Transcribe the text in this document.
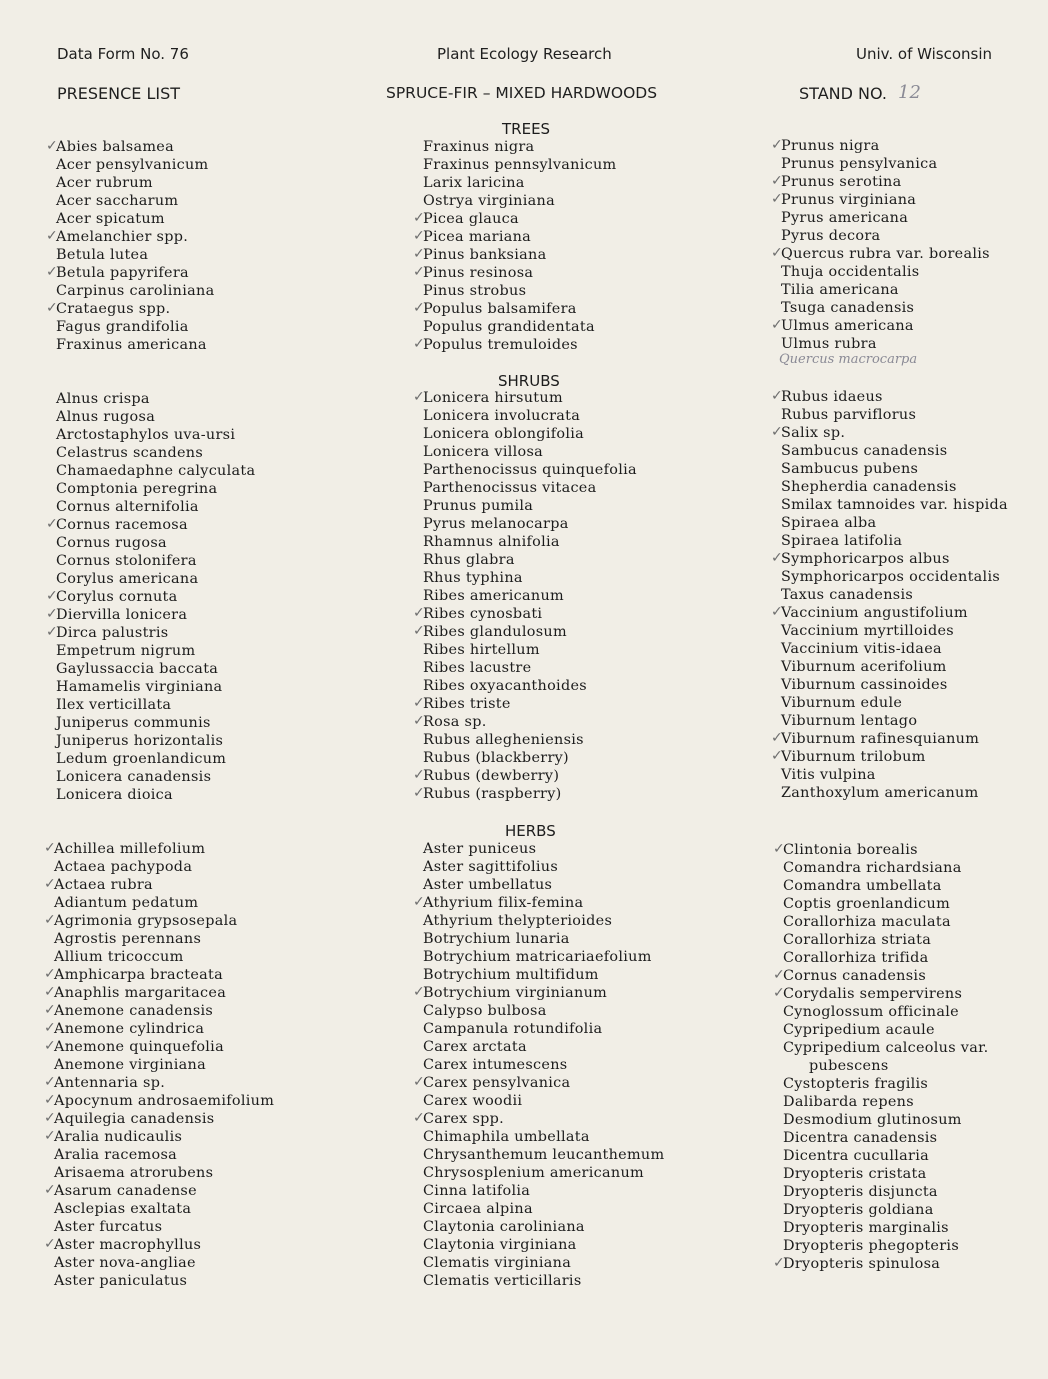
Data Form No. 76	Plant Ecology Research	Univ. of Wisconsin
PRESENCE LIST	SPRUCE-FIR – MIXED HARDWOODS	STAND NO. 12
TREES
SHRUBS
HERBS
✓
Abies balsamea
Acer pensylvanicum
Acer rubrum
Acer saccharum
Acer spicatum
✓
Amelanchier spp.
Betula lutea
✓
Betula papyrifera
Carpinus caroliniana
✓
Crataegus spp.
Fagus grandifolia
Fraxinus americana
Fraxinus nigra
Fraxinus pennsylvanicum
Larix laricina
Ostrya virginiana
✓
Picea glauca
✓
Picea mariana
✓
Pinus banksiana
✓
Pinus resinosa
Pinus strobus
✓
Populus balsamifera
Populus grandidentata
✓
Populus tremuloides
✓
Prunus nigra
Prunus pensylvanica
✓
Prunus serotina
✓
Prunus virginiana
Pyrus americana
Pyrus decora
✓
Quercus rubra var. borealis
Thuja occidentalis
Tilia americana
Tsuga canadensis
✓
Ulmus americana
Ulmus rubra
Quercus macrocarpa
Alnus crispa
Alnus rugosa
Arctostaphylos uva-ursi
Celastrus scandens
Chamaedaphne calyculata
Comptonia peregrina
Cornus alternifolia
✓
Cornus racemosa
Cornus rugosa
Cornus stolonifera
Corylus americana
✓
Corylus cornuta
✓
Diervilla lonicera
✓
Dirca palustris
Empetrum nigrum
Gaylussaccia baccata
Hamamelis virginiana
Ilex verticillata
Juniperus communis
Juniperus horizontalis
Ledum groenlandicum
Lonicera canadensis
Lonicera dioica
✓
Lonicera hirsutum
Lonicera involucrata
Lonicera oblongifolia
Lonicera villosa
Parthenocissus quinquefolia
Parthenocissus vitacea
Prunus pumila
Pyrus melanocarpa
Rhamnus alnifolia
Rhus glabra
Rhus typhina
Ribes americanum
✓
Ribes cynosbati
✓
Ribes glandulosum
Ribes hirtellum
Ribes lacustre
Ribes oxyacanthoides
✓
Ribes triste
✓
Rosa sp.
Rubus allegheniensis
Rubus (blackberry)
✓
Rubus (dewberry)
✓
Rubus (raspberry)
✓
Rubus idaeus
Rubus parviflorus
✓
Salix sp.
Sambucus canadensis
Sambucus pubens
Shepherdia canadensis
Smilax tamnoides var. hispida
Spiraea alba
Spiraea latifolia
✓
Symphoricarpos albus
Symphoricarpos occidentalis
Taxus canadensis
✓
Vaccinium angustifolium
Vaccinium myrtilloides
Vaccinium vitis-idaea
Viburnum acerifolium
Viburnum cassinoides
Viburnum edule
Viburnum lentago
✓
Viburnum rafinesquianum
✓
Viburnum trilobum
Vitis vulpina
Zanthoxylum americanum
✓
Achillea millefolium
Actaea pachypoda
✓
Actaea rubra
Adiantum pedatum
✓
Agrimonia grypsosepala
Agrostis perennans
Allium tricoccum
✓
Amphicarpa bracteata
✓
Anaphlis margaritacea
✓
Anemone canadensis
✓
Anemone cylindrica
✓
Anemone quinquefolia
Anemone virginiana
✓
Antennaria sp.
✓
Apocynum androsaemifolium
✓
Aquilegia canadensis
✓
Aralia nudicaulis
Aralia racemosa
Arisaema atrorubens
✓
Asarum canadense
Asclepias exaltata
Aster furcatus
✓
Aster macrophyllus
Aster nova-angliae
Aster paniculatus
Aster puniceus
Aster sagittifolius
Aster umbellatus
✓
Athyrium filix-femina
Athyrium thelypterioides
Botrychium lunaria
Botrychium matricariaefolium
Botrychium multifidum
✓
Botrychium virginianum
Calypso bulbosa
Campanula rotundifolia
Carex arctata
Carex intumescens
✓
Carex pensylvanica
Carex woodii
✓
Carex spp.
Chimaphila umbellata
Chrysanthemum leucanthemum
Chrysosplenium americanum
Cinna latifolia
Circaea alpina
Claytonia caroliniana
Claytonia virginiana
Clematis virginiana
Clematis verticillaris
✓
Clintonia borealis
Comandra richardsiana
Comandra umbellata
Coptis groenlandicum
Corallorhiza maculata
Corallorhiza striata
Corallorhiza trifida
✓
Cornus canadensis
✓
Corydalis sempervirens
Cynoglossum officinale
Cypripedium acaule
Cypripedium calceolus var.
pubescens
Cystopteris fragilis
Dalibarda repens
Desmodium glutinosum
Dicentra canadensis
Dicentra cucullaria
Dryopteris cristata
Dryopteris disjuncta
Dryopteris goldiana
Dryopteris marginalis
Dryopteris phegopteris
✓
Dryopteris spinulosa
